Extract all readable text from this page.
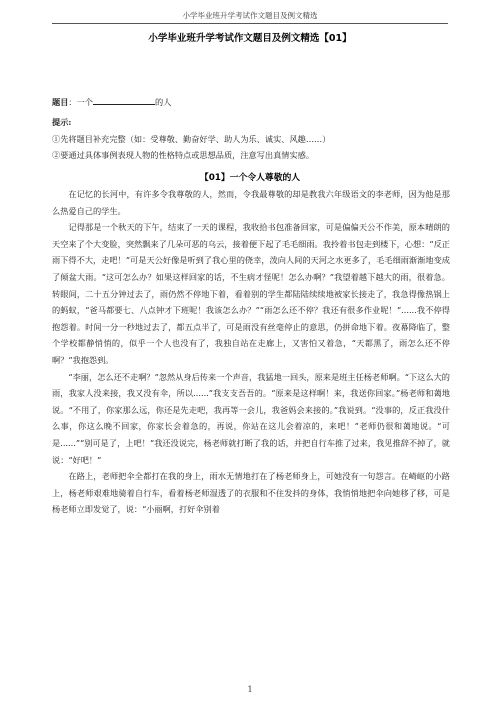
小学毕业班升学考试作文题目及例文精选
小学毕业班升学考试作文题目及例文精选【01】
题目：一个	的人
提示:
①先将题目补充完整（如：受尊敬、勤奋好学、助人为乐、诚实、风趣……）
②要通过具体事例表现人物的性格特点或思想品质，注意写出真情实感。
【01】一个令人尊敬的人

在记忆的长河中，有许多令我尊敬的人，然而，令我最尊敬的却是教我六年级语文的李老师，因为他是那么热爱自己的学生。

记得那是一个秋天的下午，结束了一天的课程，我收拾书包准备回家，可是偏偏天公不作美，原本晴朗的天空来了个大变脸，突然飘来了几朵可恶的乌云，接着便下起了毛毛细雨。我拎着书包走到楼下，心想：“反正雨下得不大，走吧！”可是天公好像是听到了我心里的侥幸，泼向人间的天河之水更多了，毛毛细雨渐渐地变成了倾盆大雨。“这可怎么办？如果这样回家的话，不生病才怪呢！怎么办啊？”我望着越下越大的雨，很着急。转眼间，二十五分钟过去了，雨仍然不停地下着，看着别的学生都陆陆续续地被家长接走了，我急得像热锅上的蚂蚁，“爸马都要七、八点钟才下班呢！我该怎么办？”“雨怎么还不停？我还有很多作业呢！”......我不停得抱怨着。时间一分一秒地过去了，都五点半了，可是雨没有丝毫停止的意思，仍拼命地下着。夜幕降临了，整个学校都静悄悄的，似乎一个人也没有了，我独自站在走廊上，又害怕又着急，“天都黑了，雨怎么还不停啊？”我抱怨到。

“李丽，怎么还不走啊？”忽然从身后传来一个声音，我猛地一回头，原来是班主任杨老师啊。“下这么大的雨，我家人没来接，我又没有伞，所以......”我支支吾吾的。“原来是这样啊！来，我送你回家。”杨老师和蔼地说。“不用了，你家那么远，你还是先走吧，我再等一会儿，我爸妈会来接的。”我说到。“没事的，反正我没什么事，你这么晚不回家，你家长会着急的，再说，你站在这儿会着凉的，来吧！”老师仍很和蔼地说。“可是......”“别可是了，上吧！”我还没说完，杨老师就打断了我的话，并把自行车推了过来，我见推辞不掉了，就说：“好吧！”

在路上，老师把伞全都打在我的身上，雨水无情地打在了杨老师身上，可她没有一句怨言。在崎岖的小路上，杨老师艰难地骑着自行车，看着杨老师湿透了的衣服和不住发抖的身体，我悄悄地把伞向她移了移，可是杨老师立即发觉了，说：“小丽啊，打好伞别着

1
